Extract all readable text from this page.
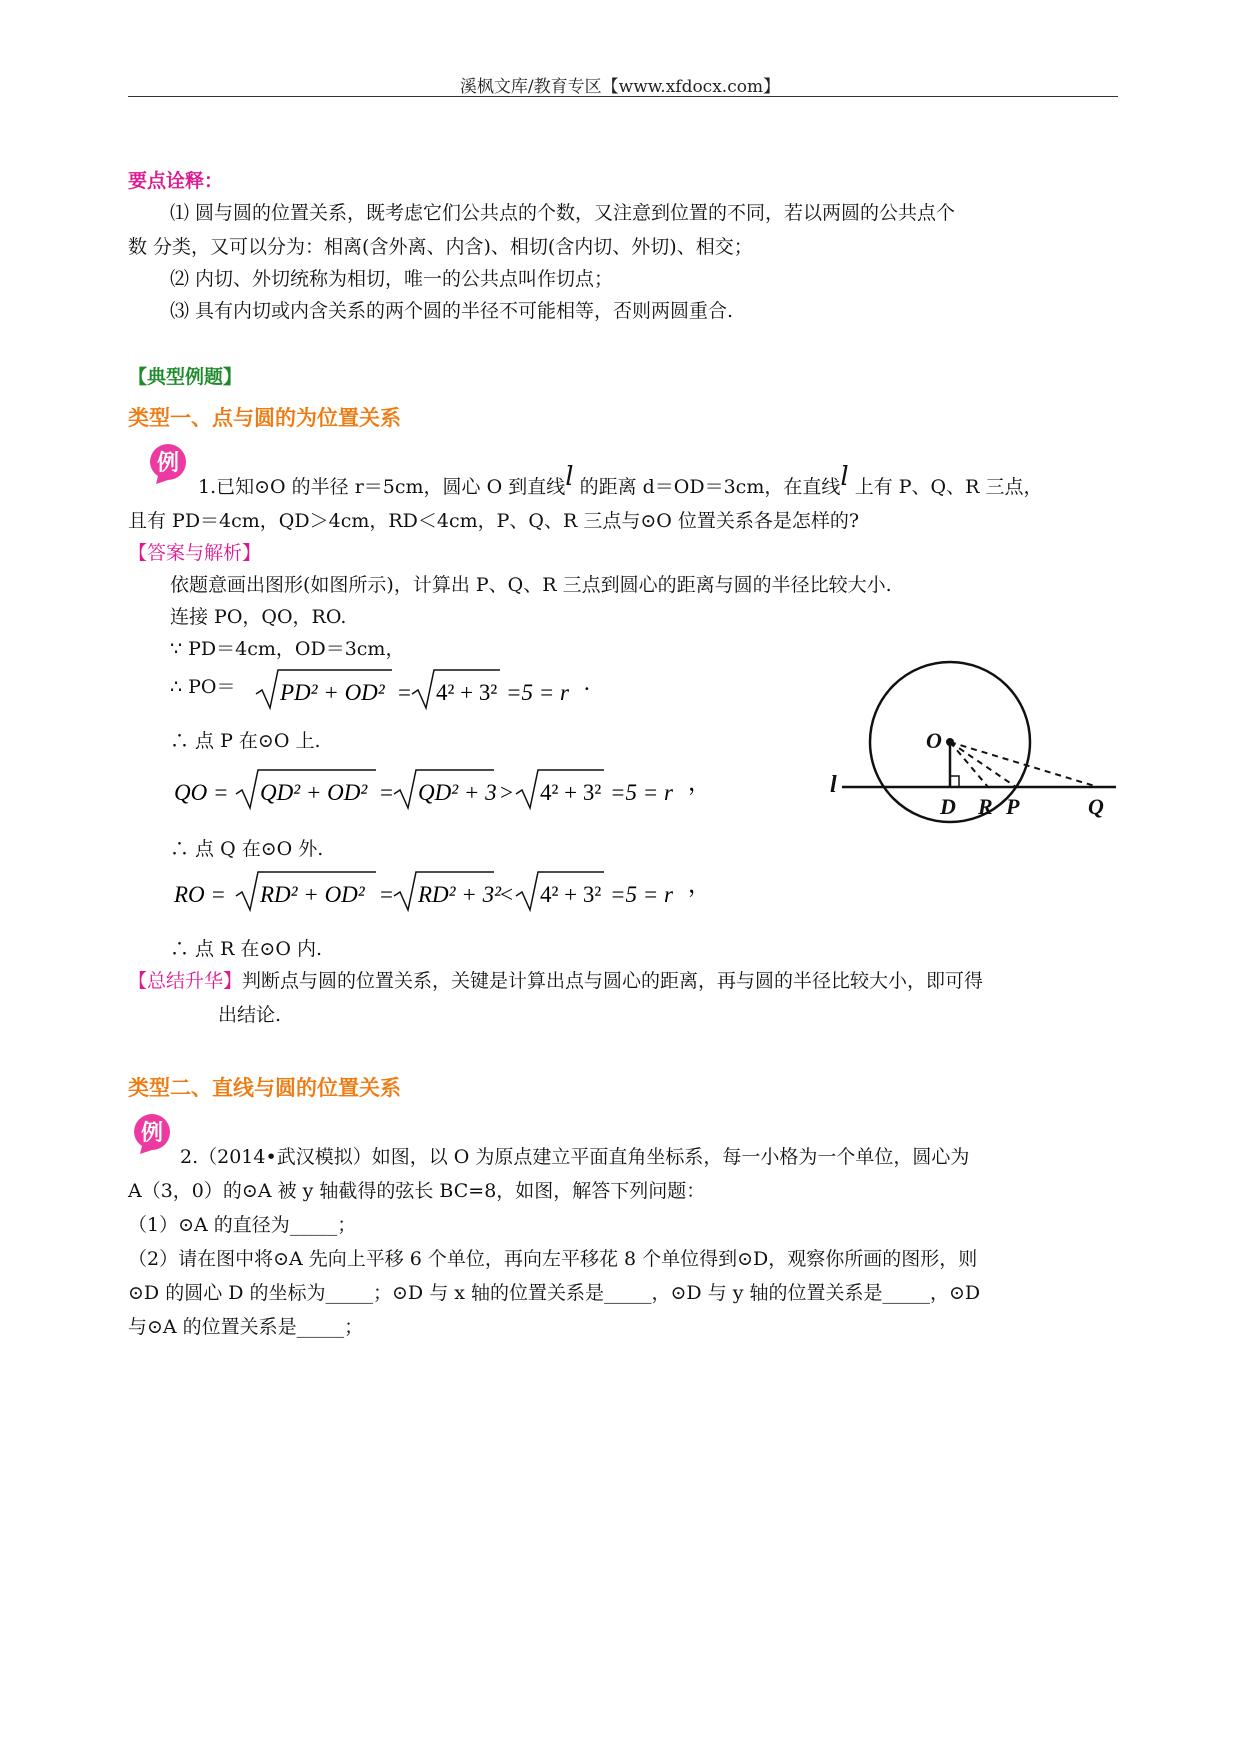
溪枫文库/教育专区【www.xfdocx.com】
要点诠释：
⑴ 圆与圆的位置关系，既考虑它们公共点的个数，又注意到位置的不同，若以两圆的公共点个
数 分类，又可以分为：相离(含外离、内含)、相切(含内切、外切)、相交；
⑵ 内切、外切统称为相切，唯一的公共点叫作切点；
⑶ 具有内切或内含关系的两个圆的半径不可能相等，否则两圆重合.
【典型例题】
类型一、点与圆的为位置关系
例
1.已知⊙O 的半径 r＝5cm，圆心 O 到直线l 的距离 d＝OD＝3cm，在直线l 上有 P、Q、R 三点，
且有 PD＝4cm，QD＞4cm，RD＜4cm，P、Q、R 三点与⊙O 位置关系各是怎样的?
【答案与解析】
依题意画出图形(如图所示)，计算出 P、Q、R 三点到圆心的距离与圆的半径比较大小.
连接 PO，QO，RO.
∵ PD＝4cm，OD＝3cm，
∴ PO＝ PD² + OD² = 4² + 3² =5 = r .
∴ 点 P 在⊙O 上.
QO = QD² + OD² = QD² + 3 > 4² + 3² =5 = r ，
∴ 点 Q 在⊙O 外.
RO = RD² + OD² = RD² + 3² < 4² + 3² =5 = r ，
∴ 点 R 在⊙O 内.
【总结升华】判断点与圆的位置关系，关键是计算出点与圆心的距离，再与圆的半径比较大小，即可得
出结论.
O
l
D R P	Q
类型二、直线与圆的位置关系
例
2.（2014•武汉模拟）如图，以 O 为原点建立平面直角坐标系，每一小格为一个单位，圆心为
A（3，0）的⊙A 被 y 轴截得的弦长 BC=8，如图，解答下列问题：
（1）⊙A 的直径为_____；
（2）请在图中将⊙A 先向上平移 6 个单位，再向左平移花 8 个单位得到⊙D，观察你所画的图形，则
⊙D 的圆心 D 的坐标为_____；⊙D 与 x 轴的位置关系是_____，⊙D 与 y 轴的位置关系是_____，⊙D
与⊙A 的位置关系是_____；
